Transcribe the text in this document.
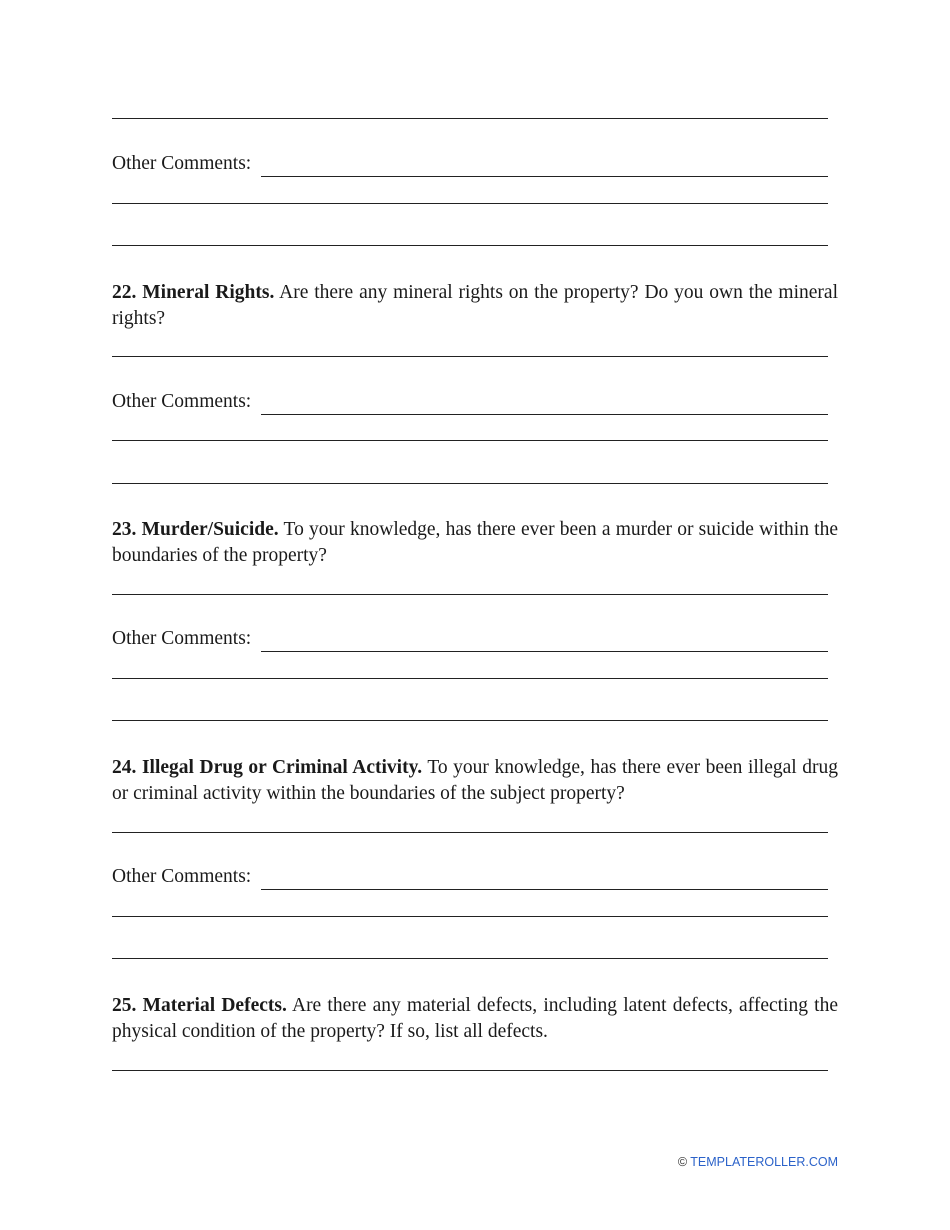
Other Comments:

22. Mineral Rights. Are there any mineral rights on the property? Do you own the mineral rights?

Other Comments:

23. Murder/Suicide. To your knowledge, has there ever been a murder or suicide within the boundaries of the property?

Other Comments:

24. Illegal Drug or Criminal Activity. To your knowledge, has there ever been illegal drug or criminal activity within the boundaries of the subject property?

Other Comments:

25. Material Defects. Are there any material defects, including latent defects, affecting the physical condition of the property? If so, list all defects.

© TEMPLATEROLLER.COM
